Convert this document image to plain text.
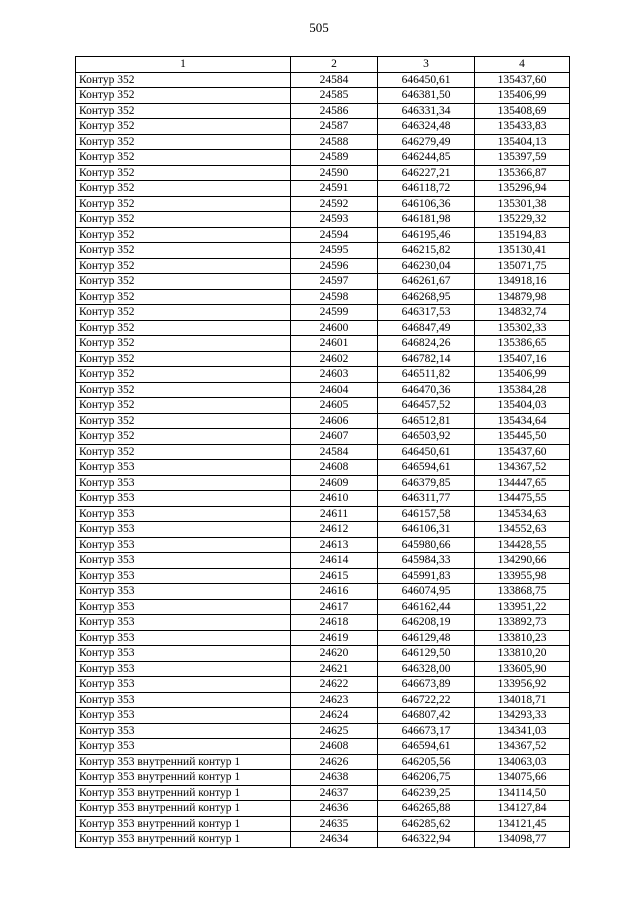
505
1	2	3	4
Контур 352	24584	646450,61	135437,60
Контур 352	24585	646381,50	135406,99
Контур 352	24586	646331,34	135408,69
Контур 352	24587	646324,48	135433,83
Контур 352	24588	646279,49	135404,13
Контур 352	24589	646244,85	135397,59
Контур 352	24590	646227,21	135366,87
Контур 352	24591	646118,72	135296,94
Контур 352	24592	646106,36	135301,38
Контур 352	24593	646181,98	135229,32
Контур 352	24594	646195,46	135194,83
Контур 352	24595	646215,82	135130,41
Контур 352	24596	646230,04	135071,75
Контур 352	24597	646261,67	134918,16
Контур 352	24598	646268,95	134879,98
Контур 352	24599	646317,53	134832,74
Контур 352	24600	646847,49	135302,33
Контур 352	24601	646824,26	135386,65
Контур 352	24602	646782,14	135407,16
Контур 352	24603	646511,82	135406,99
Контур 352	24604	646470,36	135384,28
Контур 352	24605	646457,52	135404,03
Контур 352	24606	646512,81	135434,64
Контур 352	24607	646503,92	135445,50
Контур 352	24584	646450,61	135437,60
Контур 353	24608	646594,61	134367,52
Контур 353	24609	646379,85	134447,65
Контур 353	24610	646311,77	134475,55
Контур 353	24611	646157,58	134534,63
Контур 353	24612	646106,31	134552,63
Контур 353	24613	645980,66	134428,55
Контур 353	24614	645984,33	134290,66
Контур 353	24615	645991,83	133955,98
Контур 353	24616	646074,95	133868,75
Контур 353	24617	646162,44	133951,22
Контур 353	24618	646208,19	133892,73
Контур 353	24619	646129,48	133810,23
Контур 353	24620	646129,50	133810,20
Контур 353	24621	646328,00	133605,90
Контур 353	24622	646673,89	133956,92
Контур 353	24623	646722,22	134018,71
Контур 353	24624	646807,42	134293,33
Контур 353	24625	646673,17	134341,03
Контур 353	24608	646594,61	134367,52
Контур 353 внутренний контур 1	24626	646205,56	134063,03
Контур 353 внутренний контур 1	24638	646206,75	134075,66
Контур 353 внутренний контур 1	24637	646239,25	134114,50
Контур 353 внутренний контур 1	24636	646265,88	134127,84
Контур 353 внутренний контур 1	24635	646285,62	134121,45
Контур 353 внутренний контур 1	24634	646322,94	134098,77
